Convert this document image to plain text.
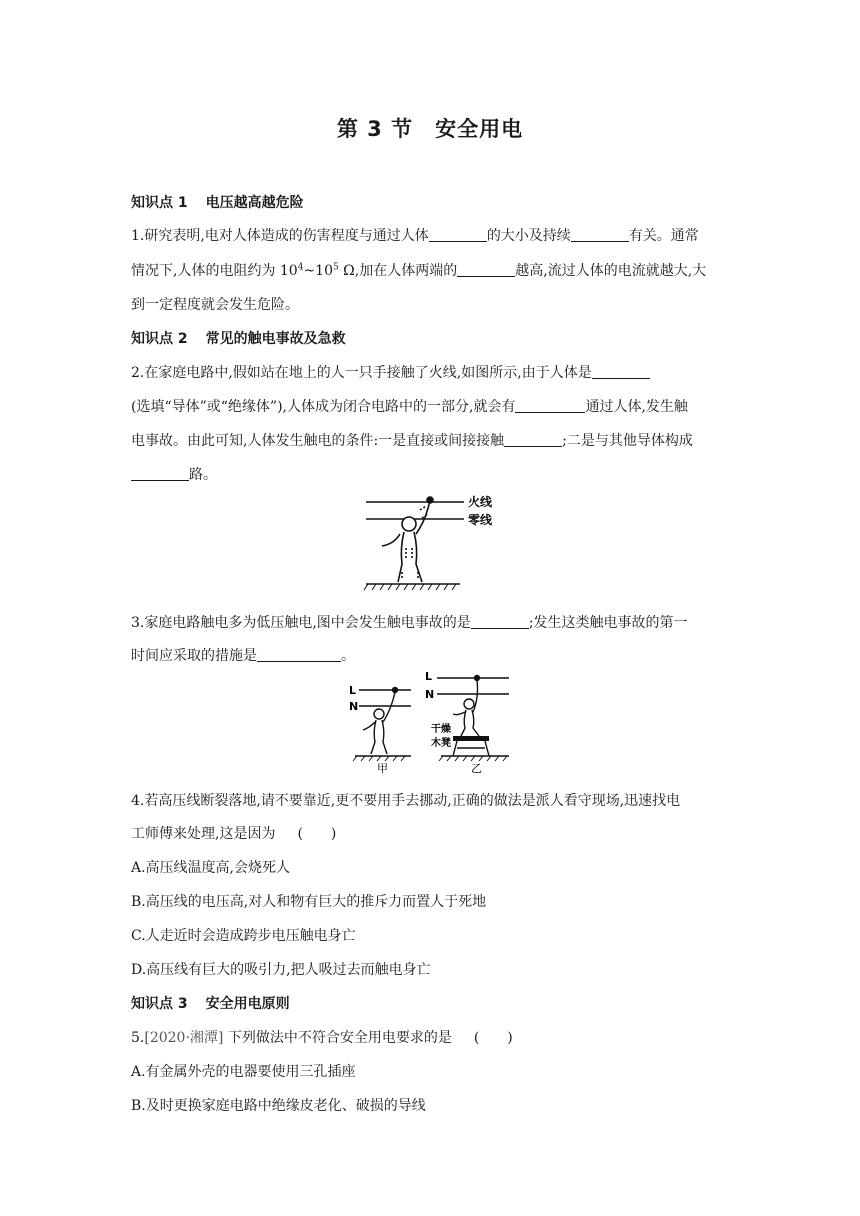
第 3 节　安全用电
知识点 1 电压越高越危险
1.研究表明,电对人体造成的伤害程度与通过人体	的大小及持续	有关。通常
情况下,人体的电阻约为 $10^4\sim 10^5$ Ω,加在人体两端的	越高,流过人体的电流就越大,大
到一定程度就会发生危险。
知识点 2 常见的触电事故及急救
2.在家庭电路中,假如站在地上的人一只手接触了火线,如图所示,由于人体是
(选填“导体”或“绝缘体”),人体成为闭合电路中的一部分,就会有	通过人体,发生触
电事故。由此可知,人体发生触电的条件:一是直接或间接接触	;二是与其他导体构成
路。
火线
零线
3.家庭电路触电多为低压触电,图中会发生触电事故的是	;发生这类触电事故的第一
时间应采取的措施是	。
L
N
甲
L
N
干燥
木凳
乙
4.若高压线断裂落地,请不要靠近,更不要用手去挪动,正确的做法是派人看守现场,迅速找电
工师傅来处理,这是因为 (　　)
A.高压线温度高,会烧死人
B.高压线的电压高,对人和物有巨大的推斥力而置人于死地
C.人走近时会造成跨步电压触电身亡
D.高压线有巨大的吸引力,把人吸过去而触电身亡
知识点 3 安全用电原则
5.[2020·湘潭] 下列做法中不符合安全用电要求的是 (　　)
A.有金属外壳的电器要使用三孔插座
B.及时更换家庭电路中绝缘皮老化、破损的导线
